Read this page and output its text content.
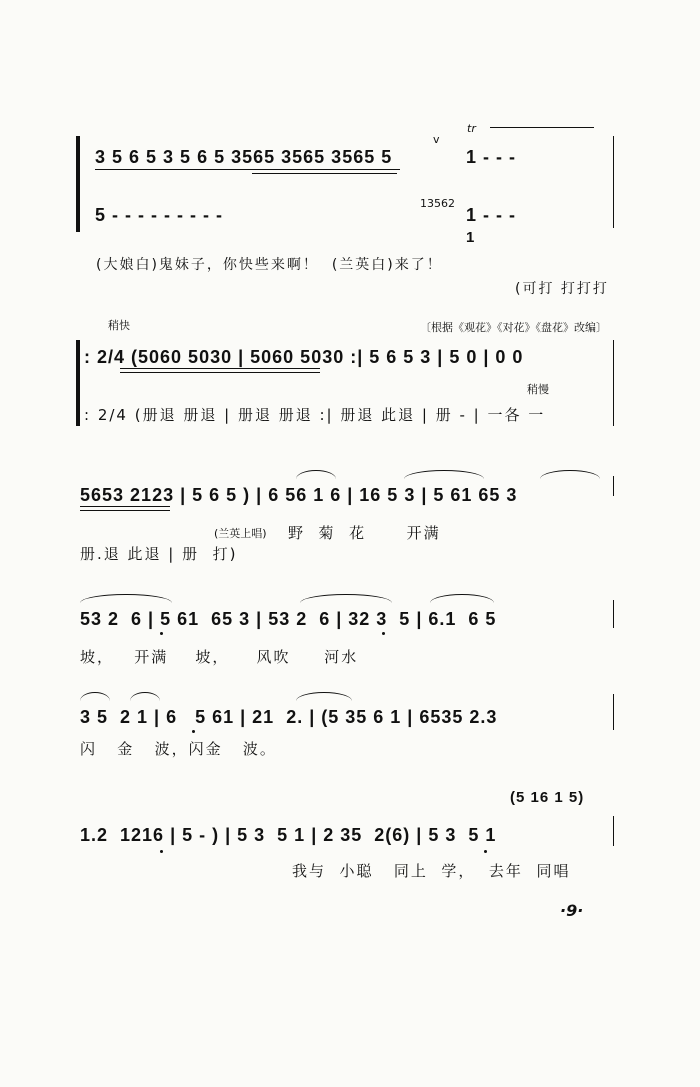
tr
v
3 5 6 5 3 5 6 5 3565 3565 3565 5	1 - - -
5 - - - - - - - - -
13562
1 - - -
1
(大娘白)鬼妹子，你快些来啊！  (兰英白)来了！
(可打 打打打
稍快	〔根据《观花》《对花》《盘花》改编〕
: 2/4 (5060 5030 | 5060 5030 :| 5 6 5 3 | 5 0 | 0 0
稍慢
: 2/4 (册退 册退 | 册退 册退 :| 册退 此退 | 册 - | 一各 一
5653 2123 | 5 6 5 ) | 6 56 1 6 | 16 5 3 | 5 61 65 3
(兰英上唱) 野  菊  花      开满
册.退 此退 | 册  打)
53 2  6 | 5 61  65 3 | 53 2  6 | 32 3  5 | 6.1  6 5
坡，   开满    坡，    风吹     河水
3 5  2 1 | 6   5 61 | 21  2. | (5 35 6 1 | 6535 2.3
闪   金   波，闪金   波。
(5 16 1 5)
1.2  1216 | 5 - ) | 5 3  5 1 | 2 35  2(6) | 5 3  5 1
我与  小聪   同上  学，  去年  同唱
·9·
